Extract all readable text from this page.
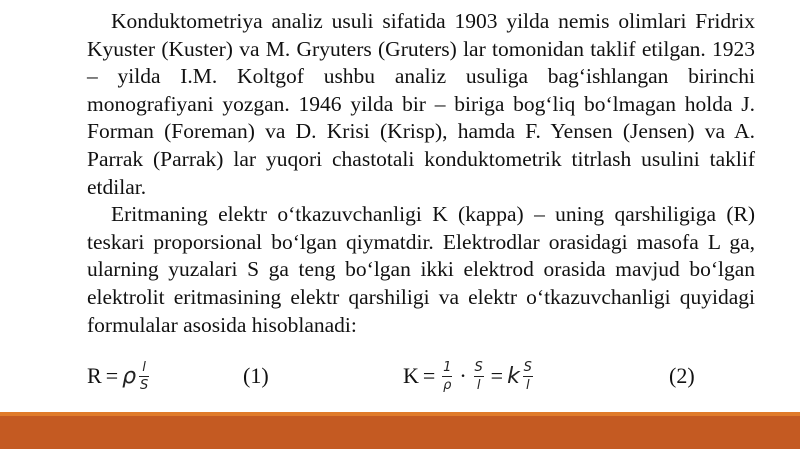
Konduktometriya analiz usuli sifatida 1903 yilda nemis olimlari Fridrix Kyuster (Kuster) va M. Gryuters (Gruters) lar tomonidan taklif etilgan. 1923 – yilda I.M. Koltgof ushbu analiz usuliga bag‘ishlangan birinchi monografiyani yozgan. 1946 yilda bir – biriga bog‘liq bo‘lmagan holda J. Forman (Foreman) va D. Krisi (Krisp), hamda F. Yensen (Jensen) va A. Parrak (Parrak) lar yuqori chastotali konduktometrik titrlash usulini taklif etdilar.

Eritmaning elektr o‘tkazuvchanligi K (kappa) – uning qarshiligiga (R) teskari proporsional bo‘lgan qiymatdir. Elektrodlar orasidagi masofa L ga, ularning yuzalari S ga teng bo‘lgan ikki elektrod orasida mavjud bo‘lgan elektrolit eritmasining elektr qarshiligi va elektr o‘tkazuvchanligi quyidagi formulalar asosida hisoblanadi:

R = ρ $\frac{l}{S}$	(1)	$K = \frac{1}{\rho} \cdot \frac{S}{l} = k \frac{S}{l}$	(2)
